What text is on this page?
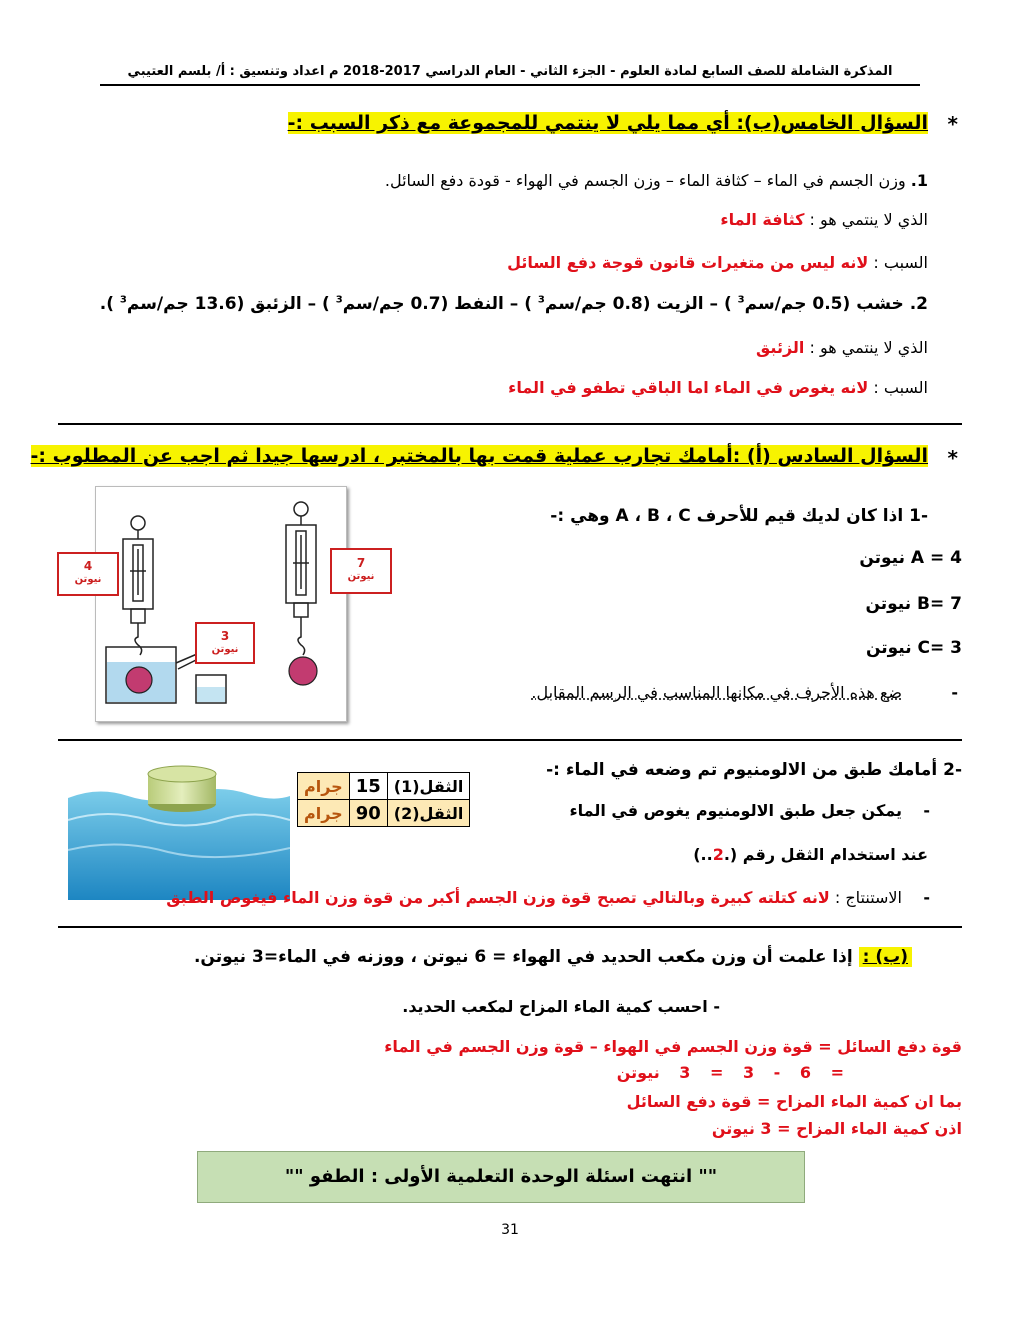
المذكرة الشاملة للصف السابع لمادة العلوم - الجزء الثاني - العام الدراسي 2017-2018 م اعداد وتنسيق : أ/ بلسم العتيبي
*
السؤال الخامس(ب): أي مما يلي لا ينتمي للمجموعة مع ذكر السبب :-
1. وزن الجسم في الماء – كثافة الماء – وزن الجسم في الهواء - قودة دفع السائل.
الذي لا ينتمي هو : كثافة الماء
السبب : لانه ليس من متغيرات قانون قوجة دفع السائل
2. خشب (0.5 جم/سم$^3$ ) – الزيت (0.8 جم/سم$^3$ ) – النفط (0.7 جم/سم$^3$ ) – الزئبق (13.6 جم/سم$^3$ ).
الذي لا ينتمي هو : الزئبق
السبب : لانه يغوص في الماء اما الباقي تطفو في الماء
*
السؤال السادس (أ) :أمامك تجارب عملية قمت بها بالمختبر ، ادرسها جيدا ثم اجب عن المطلوب :-
4
نيوتن
7
نيوتن
3
نيوتن
-1 اذا كان لديك قيم للأحرف A ، B ، C وهي :-
A = 4 نيوتن
B= 7 نيوتن
C= 3 نيوتن
-
ضع هذه الأحرف في مكانها المناسب في الرسم المقابل.
جرام	15	الثقل(1)
جرام	90	الثقل(2)
-2 أمامك طبق من الالومنيوم تم وضعه في الماء :-
-
يمكن جعل طبق الالومنيوم يغوص في الماء
عند استخدام الثقل رقم (.2..)
-
الاستنتاج : لانه كتلته كبيرة وبالتالي تصبح قوة وزن الجسم أكبر من قوة وزن الماء فيغوص الطبق
(ب) : إذا علمت أن وزن مكعب الحديد في الهواء = 6 نيوتن ، ووزنه في الماء=3 نيوتن.
- احسب كمية الماء المزاح لمكعب الحديد.
قوة دفع السائل = قوة وزن الجسم في الهواء – قوة وزن الجسم في الماء
= 6 - 3 = 3 نيوتن
بما ان كمية الماء المزاح = قوة دفع السائل
اذن كمية الماء المزاح = 3 نيوتن
"" انتهت اسئلة الوحدة التعلمية الأولى : الطفو ""
31
